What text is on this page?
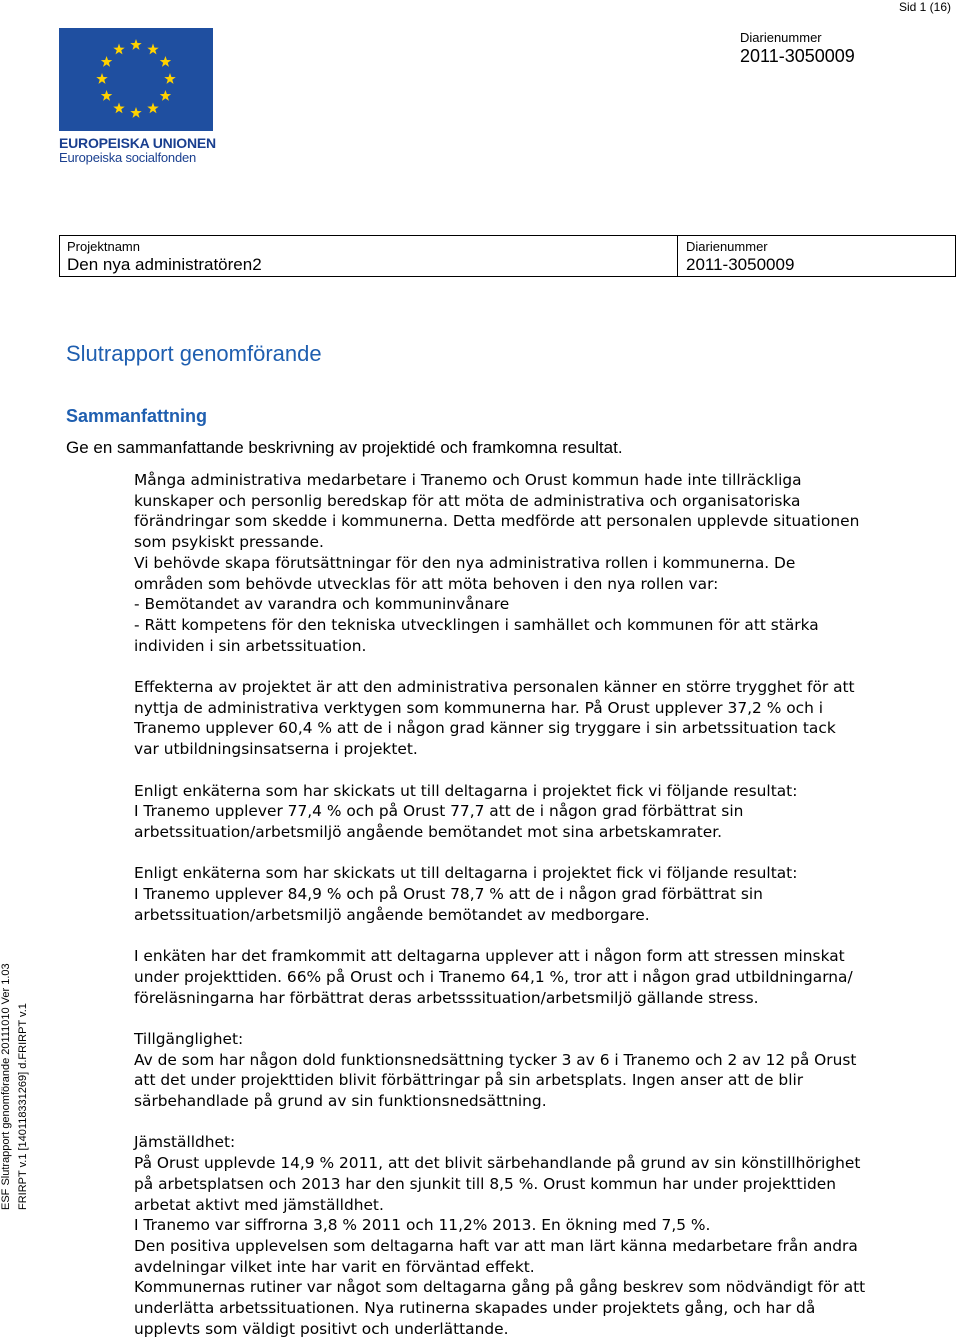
Sid 1 (16)
EUROPEISKA UNIONEN
Europeiska socialfonden
Diarienummer
2011-3050009
Projektnamn
Den nya administratören2
Diarienummer
2011-3050009
Slutrapport genomförande
Sammanfattning
Ge en sammanfattande beskrivning av projektidé och framkomna resultat.

Många administrativa medarbetare i Tranemo och Orust kommun hade inte tillräckliga
kunskaper och personlig beredskap för att möta de administrativa och organisatoriska
förändringar som skedde i kommunerna. Detta medförde att personalen upplevde situationen
som psykiskt pressande.

Vi behövde skapa förutsättningar för den nya administrativa rollen i kommunerna. De
områden som behövde utvecklas för att möta behoven i den nya rollen var:
- Bemötandet av varandra och kommuninvånare
- Rätt kompetens för den tekniska utvecklingen i samhället och kommunen för att stärka
individen i sin arbetssituation.

Effekterna av projektet är att den administrativa personalen känner en större trygghet för att
nyttja de administrativa verktygen som kommunerna har. På Orust upplever 37,2 % och i
Tranemo upplever 60,4 % att de i någon grad känner sig tryggare i sin arbetssituation tack
var utbildningsinsatserna i projektet.

Enligt enkäterna som har skickats ut till deltagarna i projektet fick vi följande resultat:
I Tranemo upplever 77,4 % och på Orust 77,7 att de i någon grad förbättrat sin
arbetssituation/arbetsmiljö angående bemötandet mot sina arbetskamrater.

Enligt enkäterna som har skickats ut till deltagarna i projektet fick vi följande resultat:
I Tranemo upplever 84,9 % och på Orust 78,7 % att de i någon grad förbättrat sin
arbetssituation/arbetsmiljö angående bemötandet av medborgare.

I enkäten har det framkommit att deltagarna upplever att i någon form att stressen minskat
under projekttiden. 66% på Orust och i Tranemo 64,1 %, tror att i någon grad utbildningarna/
föreläsningarna har förbättrat deras arbetsssituation/arbetsmiljö gällande stress.

Tillgänglighet:
Av de som har någon dold funktionsnedsättning tycker 3 av 6 i Tranemo och 2 av 12 på Orust
att det under projekttiden blivit förbättringar på sin arbetsplats. Ingen anser att de blir
särbehandlade på grund av sin funktionsnedsättning.

Jämställdhet:
På Orust upplevde 14,9 % 2011, att det blivit särbehandlande på grund av sin könstillhörighet
på arbetsplatsen och 2013 har den sjunkit till 8,5 %. Orust kommun har under projekttiden
arbetat aktivt med jämställdhet.
I Tranemo var siffrorna 3,8 % 2011 och 11,2% 2013. En ökning med 7,5 %.
Den positiva upplevelsen som deltagarna haft var att man lärt känna medarbetare från andra
avdelningar vilket inte har varit en förväntad effekt.
Kommunernas rutiner var något som deltagarna gång på gång beskrev som nödvändigt för att
underlätta arbetssituationen. Nya rutinerna skapades under projektets gång, och har då
upplevts som väldigt positivt och underlättande.

ESF Slutrapport genomförande 20111010 Ver 1.03 FRIRPT v.1 [140118331269] d.FRIRPT v.1
